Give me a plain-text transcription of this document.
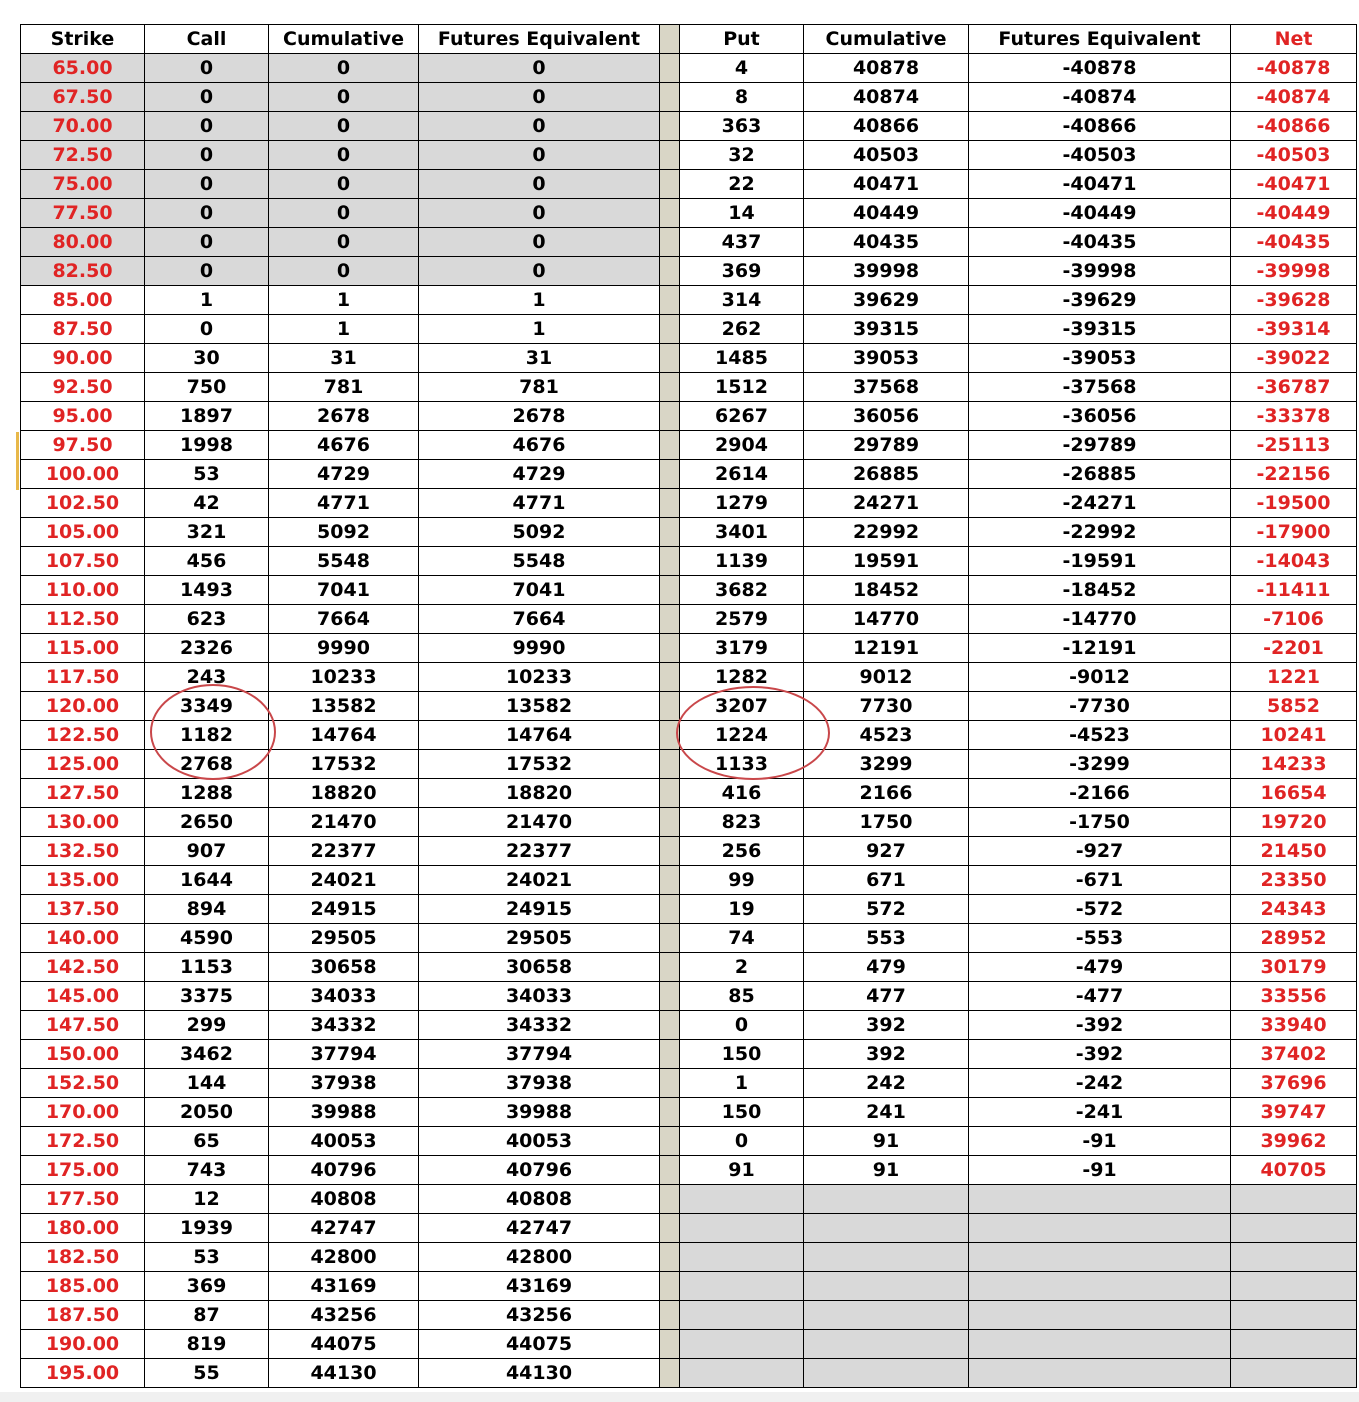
Strike	Call	Cumulative	Futures Equivalent		Put	Cumulative	Futures Equivalent	Net
65.00	0	0	0		4	40878	-40878	-40878
67.50	0	0	0		8	40874	-40874	-40874
70.00	0	0	0		363	40866	-40866	-40866
72.50	0	0	0		32	40503	-40503	-40503
75.00	0	0	0		22	40471	-40471	-40471
77.50	0	0	0		14	40449	-40449	-40449
80.00	0	0	0		437	40435	-40435	-40435
82.50	0	0	0		369	39998	-39998	-39998
85.00	1	1	1		314	39629	-39629	-39628
87.50	0	1	1		262	39315	-39315	-39314
90.00	30	31	31		1485	39053	-39053	-39022
92.50	750	781	781		1512	37568	-37568	-36787
95.00	1897	2678	2678		6267	36056	-36056	-33378
97.50	1998	4676	4676		2904	29789	-29789	-25113
100.00	53	4729	4729		2614	26885	-26885	-22156
102.50	42	4771	4771		1279	24271	-24271	-19500
105.00	321	5092	5092		3401	22992	-22992	-17900
107.50	456	5548	5548		1139	19591	-19591	-14043
110.00	1493	7041	7041		3682	18452	-18452	-11411
112.50	623	7664	7664		2579	14770	-14770	-7106
115.00	2326	9990	9990		3179	12191	-12191	-2201
117.50	243	10233	10233		1282	9012	-9012	1221
120.00	3349	13582	13582		3207	7730	-7730	5852
122.50	1182	14764	14764		1224	4523	-4523	10241
125.00	2768	17532	17532		1133	3299	-3299	14233
127.50	1288	18820	18820		416	2166	-2166	16654
130.00	2650	21470	21470		823	1750	-1750	19720
132.50	907	22377	22377		256	927	-927	21450
135.00	1644	24021	24021		99	671	-671	23350
137.50	894	24915	24915		19	572	-572	24343
140.00	4590	29505	29505		74	553	-553	28952
142.50	1153	30658	30658		2	479	-479	30179
145.00	3375	34033	34033		85	477	-477	33556
147.50	299	34332	34332		0	392	-392	33940
150.00	3462	37794	37794		150	392	-392	37402
152.50	144	37938	37938		1	242	-242	37696
170.00	2050	39988	39988		150	241	-241	39747
172.50	65	40053	40053		0	91	-91	39962
175.00	743	40796	40796		91	91	-91	40705
177.50	12	40808	40808					
180.00	1939	42747	42747					
182.50	53	42800	42800					
185.00	369	43169	43169					
187.50	87	43256	43256					
190.00	819	44075	44075					
195.00	55	44130	44130					
